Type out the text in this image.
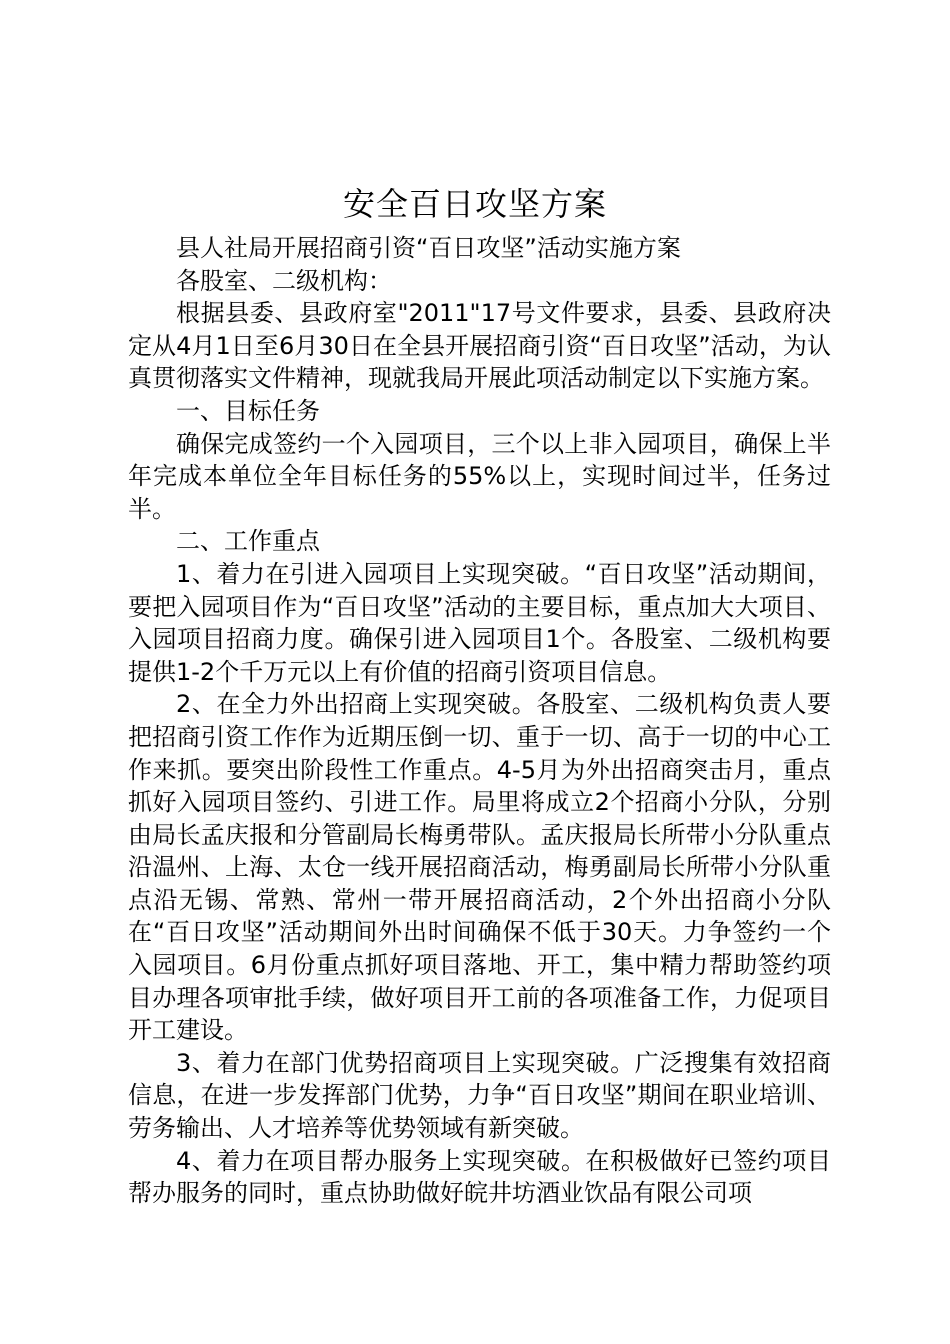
安全百日攻坚方案

县人社局开展招商引资“百日攻坚”活动实施方案

各股室、二级机构：

根据县委、县政府室"2011"17号文件要求，县委、县政府决定从4月1日至6月30日在全县开展招商引资“百日攻坚”活动，为认真贯彻落实文件精神，现就我局开展此项活动制定以下实施方案。

一、目标任务

确保完成签约一个入园项目，三个以上非入园项目，确保上半年完成本单位全年目标任务的55%以上，实现时间过半，任务过半。

二、工作重点

1、着力在引进入园项目上实现突破。“百日攻坚”活动期间，要把入园项目作为“百日攻坚”活动的主要目标，重点加大大项目、入园项目招商力度。确保引进入园项目1个。各股室、二级机构要提供1-2个千万元以上有价值的招商引资项目信息。

2、在全力外出招商上实现突破。各股室、二级机构负责人要把招商引资工作作为近期压倒一切、重于一切、高于一切的中心工作来抓。要突出阶段性工作重点。4-5月为外出招商突击月，重点抓好入园项目签约、引进工作。局里将成立2个招商小分队，分别由局长孟庆报和分管副局长梅勇带队。孟庆报局长所带小分队重点沿温州、上海、太仓一线开展招商活动，梅勇副局长所带小分队重点沿无锡、常熟、常州一带开展招商活动，2个外出招商小分队在“百日攻坚”活动期间外出时间确保不低于30天。力争签约一个入园项目。6月份重点抓好项目落地、开工，集中精力帮助签约项目办理各项审批手续，做好项目开工前的各项准备工作，力促项目开工建设。

3、着力在部门优势招商项目上实现突破。广泛搜集有效招商信息，在进一步发挥部门优势，力争“百日攻坚”期间在职业培训、劳务输出、人才培养等优势领域有新突破。

4、着力在项目帮办服务上实现突破。在积极做好已签约项目帮办服务的同时，重点协助做好皖井坊酒业饮品有限公司项
